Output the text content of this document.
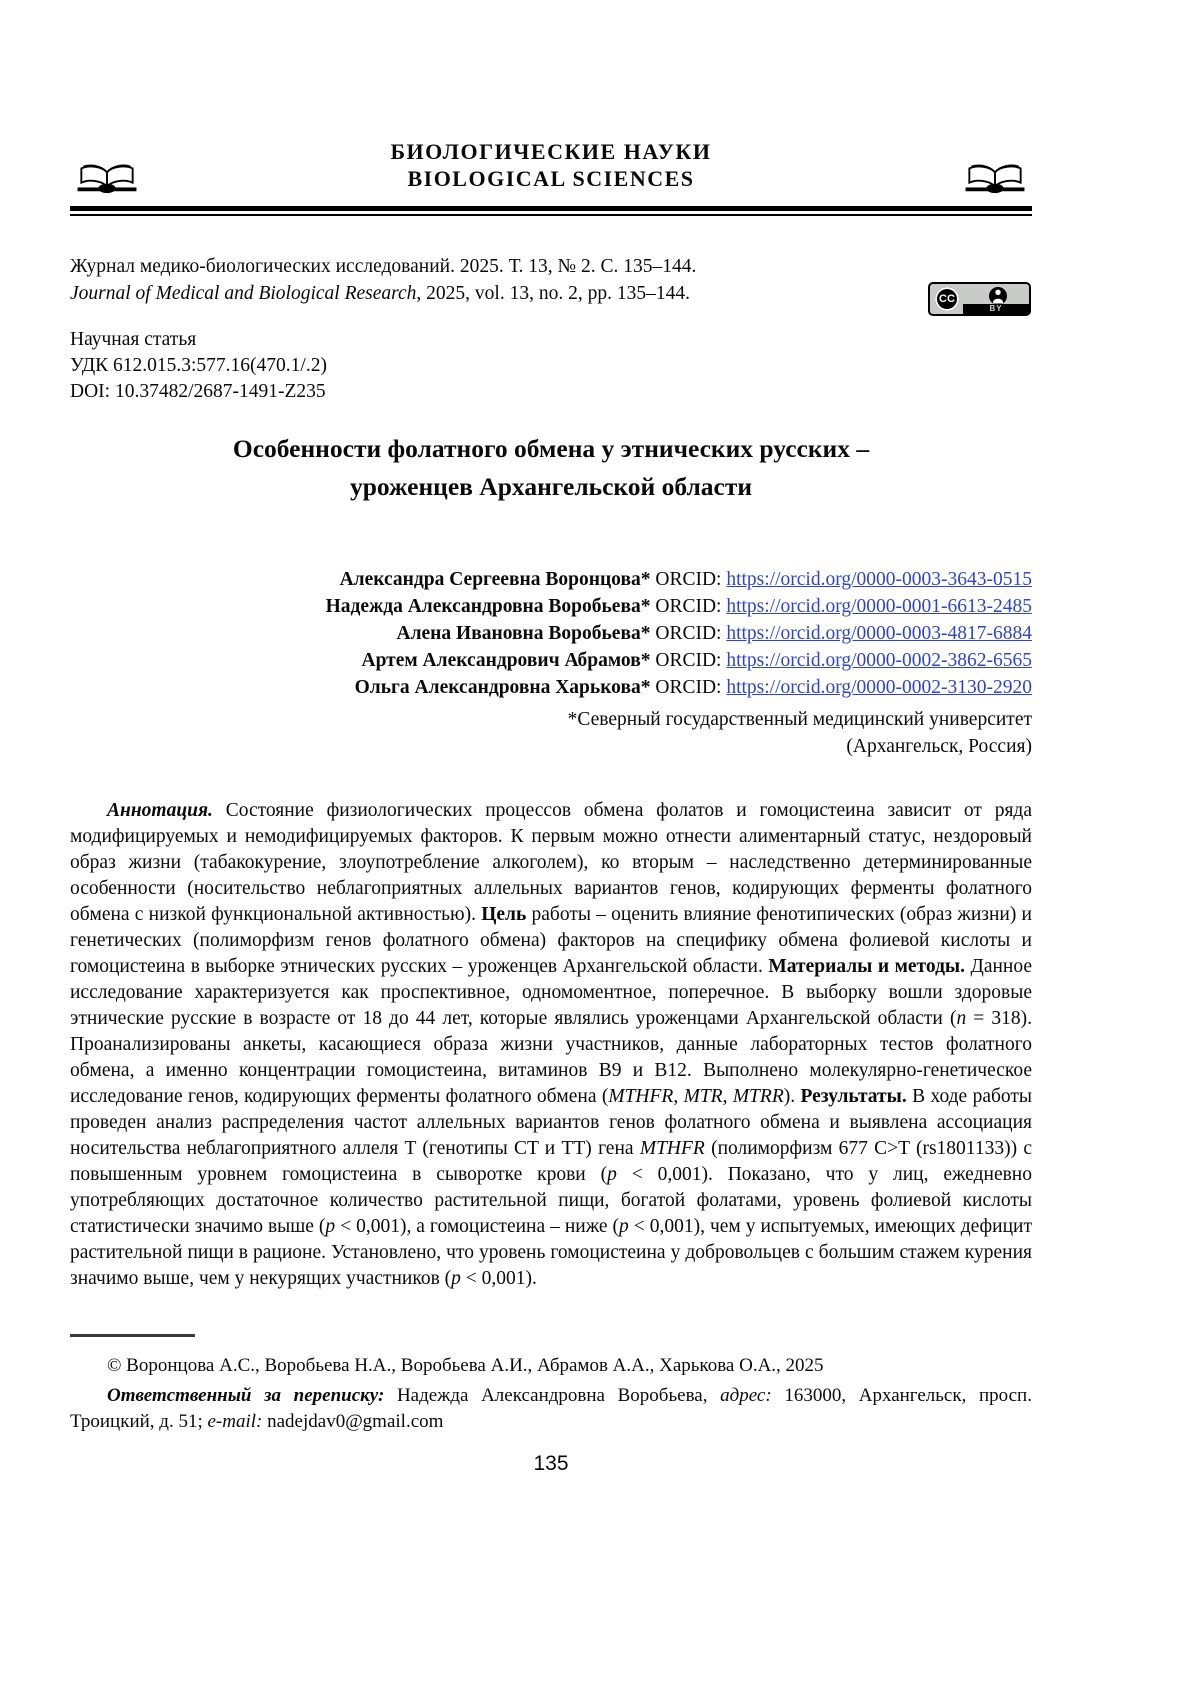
БИОЛОГИЧЕСКИЕ НАУКИ
BIOLOGICAL SCIENCES
Журнал медико-биологических исследований. 2025. Т. 13, № 2. С. 135–144.
Journal of Medical and Biological Research, 2025, vol. 13, no. 2, pp. 135–144.	CC
BY
Научная статья
УДК 612.015.3:577.16(470.1/.2)
DOI: 10.37482/2687-1491-Z235
Особенности фолатного обмена у этнических русских –
уроженцев Архангельской области
Александра Сергеевна Воронцова* ORCID: https://orcid.org/0000-0003-3643-0515
Надежда Александровна Воробьева* ORCID: https://orcid.org/0000-0001-6613-2485
Алена Ивановна Воробьева* ORCID: https://orcid.org/0000-0003-4817-6884
Артем Александрович Абрамов* ORCID: https://orcid.org/0000-0002-3862-6565
Ольга Александровна Харькова* ORCID: https://orcid.org/0000-0002-3130-2920
*Северный государственный медицинский университет
(Архангельск, Россия)
Аннотация. Состояние физиологических процессов обмена фолатов и гомоцистеина зависит от ряда модифицируемых и немодифицируемых факторов. К первым можно отнести алиментарный статус, нездоровый образ жизни (табакокурение, злоупотребление алкоголем), ко вторым – наследственно детерминированные особенности (носительство неблагоприятных аллельных вариантов генов, кодирующих ферменты фолатного обмена с низкой функциональной активностью). Цель работы – оценить влияние фенотипических (образ жизни) и генетических (полиморфизм генов фолатного обмена) факторов на специфику обмена фолиевой кислоты и гомоцистеина в выборке этнических русских – уроженцев Архангельской области. Материалы и методы. Данное исследование характеризуется как проспективное, одномоментное, поперечное. В выборку вошли здоровые этнические русские в возрасте от 18 до 44 лет, которые являлись уроженцами Архангельской области (n = 318). Проанализированы анкеты, касающиеся образа жизни участников, данные лабораторных тестов фолатного обмена, а именно концентрации гомоцистеина, витаминов B9 и B12. Выполнено молекулярно-генетическое исследование генов, кодирующих ферменты фолатного обмена (MTHFR, MTR, MTRR). Результаты. В ходе работы проведен анализ распределения частот аллельных вариантов генов фолатного обмена и выявлена ассоциация носительства неблагоприятного аллеля T (генотипы CT и TT) гена MTHFR (полиморфизм 677 C>T (rs1801133)) с повышенным уровнем гомоцистеина в сыворотке крови (p < 0,001). Показано, что у лиц, ежедневно употребляющих достаточное количество растительной пищи, богатой фолатами, уровень фолиевой кислоты статистически значимо выше (p < 0,001), а гомоцистеина – ниже (p < 0,001), чем у испытуемых, имеющих дефицит растительной пищи в рационе. Установлено, что уровень гомоцистеина у добровольцев с большим стажем курения значимо выше, чем у некурящих участников (p < 0,001).
© Воронцова А.С., Воробьева Н.А., Воробьева А.И., Абрамов А.А., Харькова О.А., 2025
Ответственный за переписку: Надежда Александровна Воробьева, адрес: 163000, Архангельск, просп. Троицкий, д. 51; e-mail: nadejdav0@gmail.com
135
